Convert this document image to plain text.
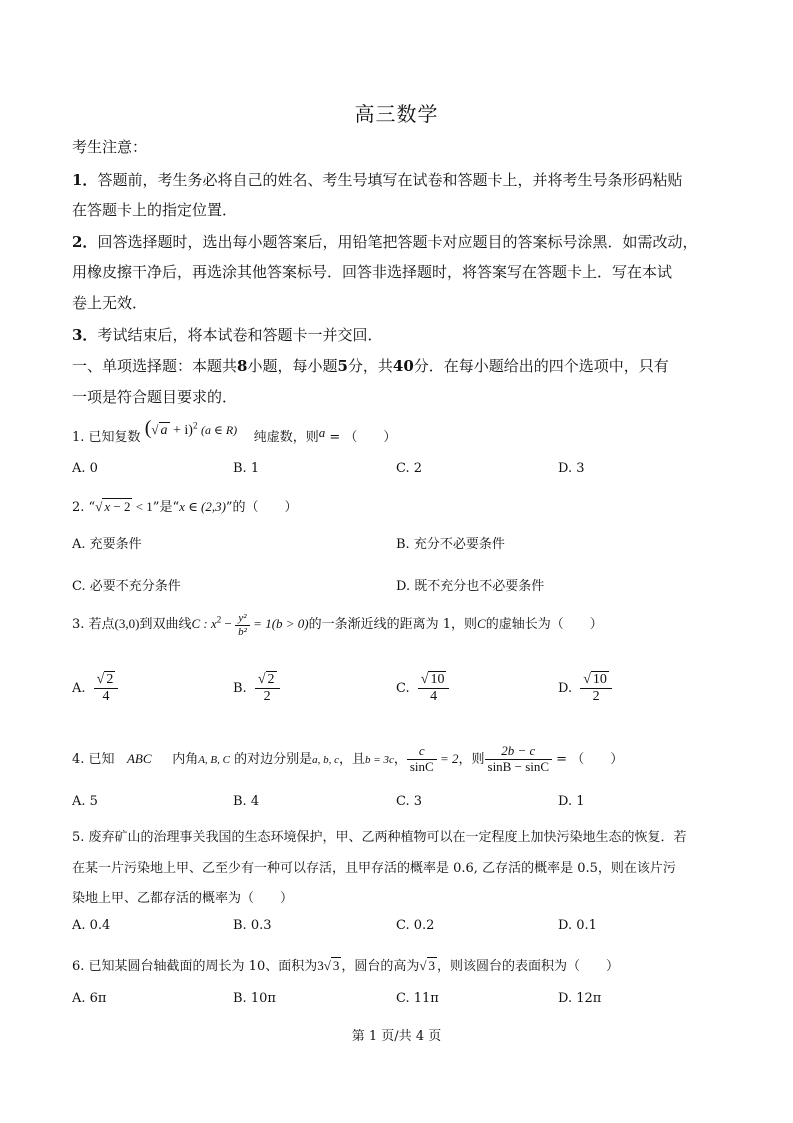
高三数学
考生注意：
1．答题前，考生务必将自己的姓名、考生号填写在试卷和答题卡上，并将考生号条形码粘贴
在答题卡上的指定位置．
2．回答选择题时，选出每小题答案后，用铅笔把答题卡对应题目的答案标号涂黑．如需改动，
用橡皮擦干净后，再选涂其他答案标号．回答非选择题时，将答案写在答题卡上．写在本试
卷上无效．
3．考试结束后，将本试卷和答题卡一并交回．
一、单项选择题：本题共8小题，每小题5分，共40分．在每小题给出的四个选项中，只有
一项是符合题目要求的．
1. 已知复数 (√ a + i)$^2$ (a ∈ R) 纯虚数，则a = （　　）
A. 0	B. 1	C. 2	D. 3
2. “√ x − 2 < 1”是“x ∈ (2,3)”的（　　）
A. 充要条件	B. 充分不必要条件
C. 必要不充分条件	D. 既不充分也不必要条件
3. 若点(3,0)到双曲线C : $x^2 - \frac{\text{y²}}{\text{b²}} = 1(b > 0)$的一条渐近线的距离为 1，则C的虚轴长为（　　）
A. $\frac{√ 2}{4}$	B. $\frac{√ 2}{2}$	C. $\frac{√ 10}{4}$	D. $\frac{√ 10}{2}$
4. 已知 ABC 内角A, B, C 的对边分别是a, b, c，且b = 3c， $\frac{c}{\sin C} = 2$，则 $\frac{2b - c}{\sin B - \sin C}$ = （　　）
A. 5	B. 4	C. 3	D. 1
5. 废弃矿山的治理事关我国的生态环境保护，甲、乙两种植物可以在一定程度上加快污染地生态的恢复．若
在某一片污染地上甲、乙至少有一种可以存活，且甲存活的概率是 0.6, 乙存活的概率是 0.5，则在该片污
染地上甲、乙都存活的概率为（　　）
A. 0.4	B. 0.3	C. 0.2	D. 0.1
6. 已知某圆台轴截面的周长为 10、面积为3√ 3 ，圆台的高为√ 3 ，则该圆台的表面积为（　　）
A. 6π	B. 10π	C. 11π	D. 12π
第 1 页/共 4 页
